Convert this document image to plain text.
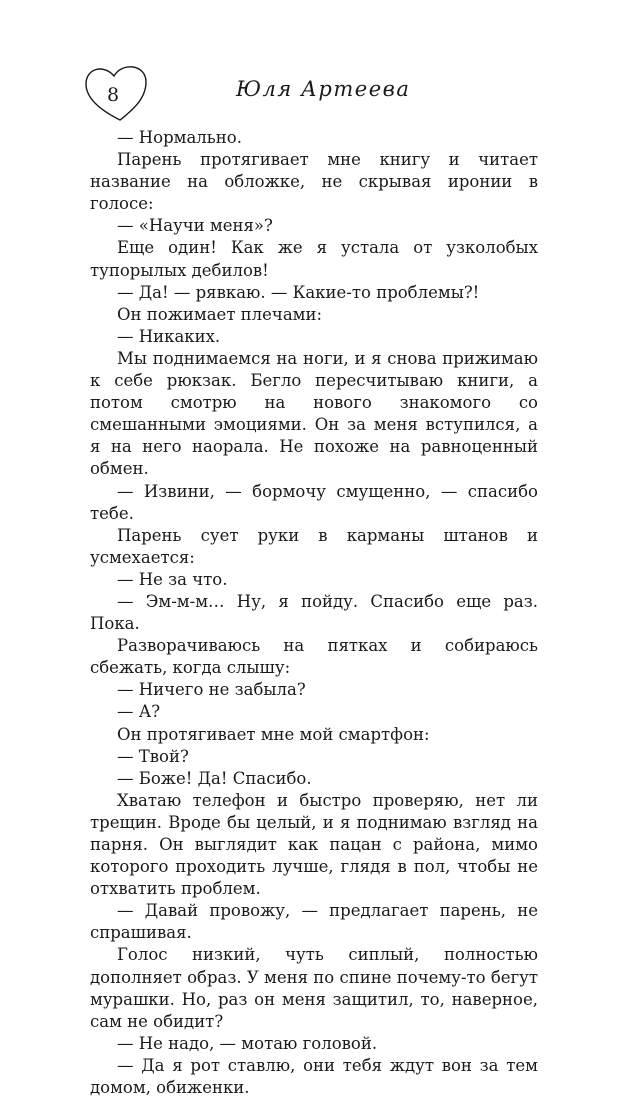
8	Юля Артеева

— Нормально.

Парень протягивает мне книгу и читает название на обложке, не скрывая иронии в голосе:

— «Научи меня»?

Еще один! Как же я устала от узколобых тупорылых дебилов!

— Да! — рявкаю. — Какие-то проблемы?!

Он пожимает плечами:

— Никаких.

Мы поднимаемся на ноги, и я снова прижимаю к себе рюкзак. Бегло пересчитываю книги, а потом смотрю на нового знакомого со смешанными эмоциями. Он за меня вступился, а я на него наорала. Не похоже на равноценный обмен.

— Извини, — бормочу смущенно, — спасибо тебе.

Парень сует руки в карманы штанов и усмехается:

— Не за что.

— Эм-м-м… Ну, я пойду. Спасибо еще раз. Пока.

Разворачиваюсь на пятках и собираюсь сбежать, когда слышу:

— Ничего не забыла?

— А?

Он протягивает мне мой смартфон:

— Твой?

— Боже! Да! Спасибо.

Хватаю телефон и быстро проверяю, нет ли трещин. Вроде бы целый, и я поднимаю взгляд на парня. Он выглядит как пацан с района, мимо которого проходить лучше, глядя в пол, чтобы не отхватить проблем.

— Давай провожу, — предлагает парень, не спрашивая.

Голос низкий, чуть сиплый, полностью дополняет образ. У меня по спине почему-то бегут мурашки. Но, раз он меня защитил, то, наверное, сам не обидит?

— Не надо, — мотаю головой.

— Да я рот ставлю, они тебя ждут вон за тем домом, обиженки.
